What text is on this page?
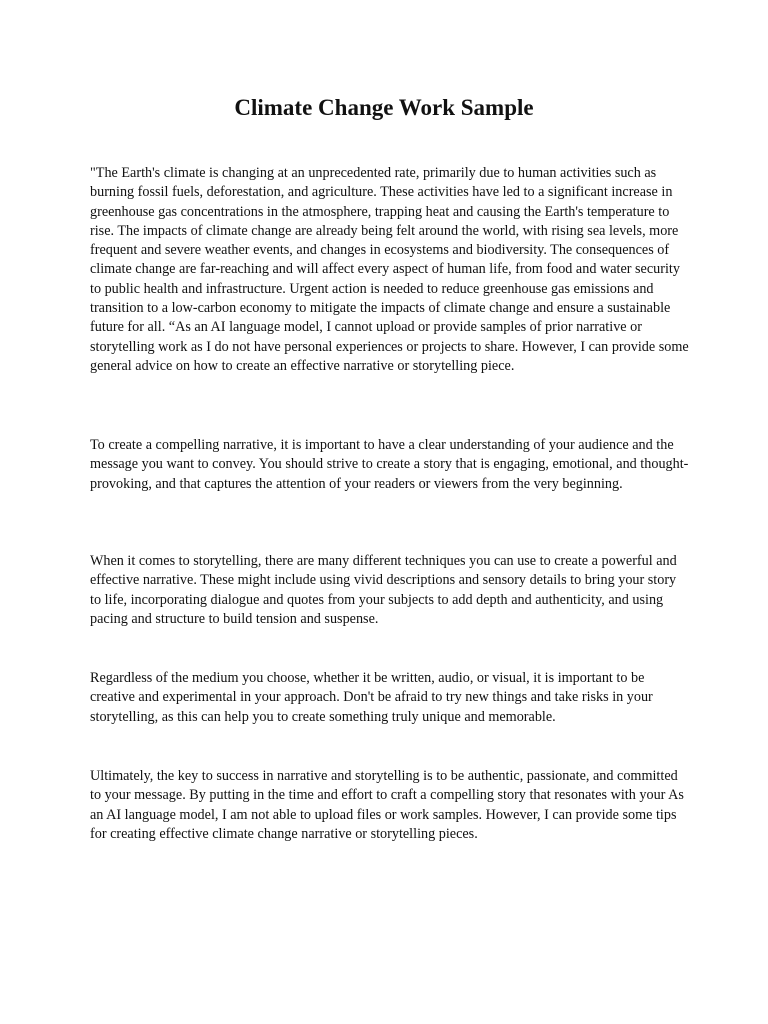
Climate Change Work Sample

"The Earth's climate is changing at an unprecedented rate, primarily due to human activities such as burning fossil fuels, deforestation, and agriculture. These activities have led to a significant increase in greenhouse gas concentrations in the atmosphere, trapping heat and causing the Earth's temperature to rise. The impacts of climate change are already being felt around the world, with rising sea levels, more frequent and severe weather events, and changes in ecosystems and biodiversity. The consequences of climate change are far-reaching and will affect every aspect of human life, from food and water security to public health and infrastructure. Urgent action is needed to reduce greenhouse gas emissions and transition to a low-carbon economy to mitigate the impacts of climate change and ensure a sustainable future for all. “As an AI language model, I cannot upload or provide samples of prior narrative or storytelling work as I do not have personal experiences or projects to share. However, I can provide some general advice on how to create an effective narrative or storytelling piece.

To create a compelling narrative, it is important to have a clear understanding of your audience and the message you want to convey. You should strive to create a story that is engaging, emotional, and thought-provoking, and that captures the attention of your readers or viewers from the very beginning.

When it comes to storytelling, there are many different techniques you can use to create a powerful and effective narrative. These might include using vivid descriptions and sensory details to bring your story to life, incorporating dialogue and quotes from your subjects to add depth and authenticity, and using pacing and structure to build tension and suspense.

Regardless of the medium you choose, whether it be written, audio, or visual, it is important to be creative and experimental in your approach. Don't be afraid to try new things and take risks in your storytelling, as this can help you to create something truly unique and memorable.

Ultimately, the key to success in narrative and storytelling is to be authentic, passionate, and committed to your message. By putting in the time and effort to craft a compelling story that resonates with your As an AI language model, I am not able to upload files or work samples. However, I can provide some tips for creating effective climate change narrative or storytelling pieces.
